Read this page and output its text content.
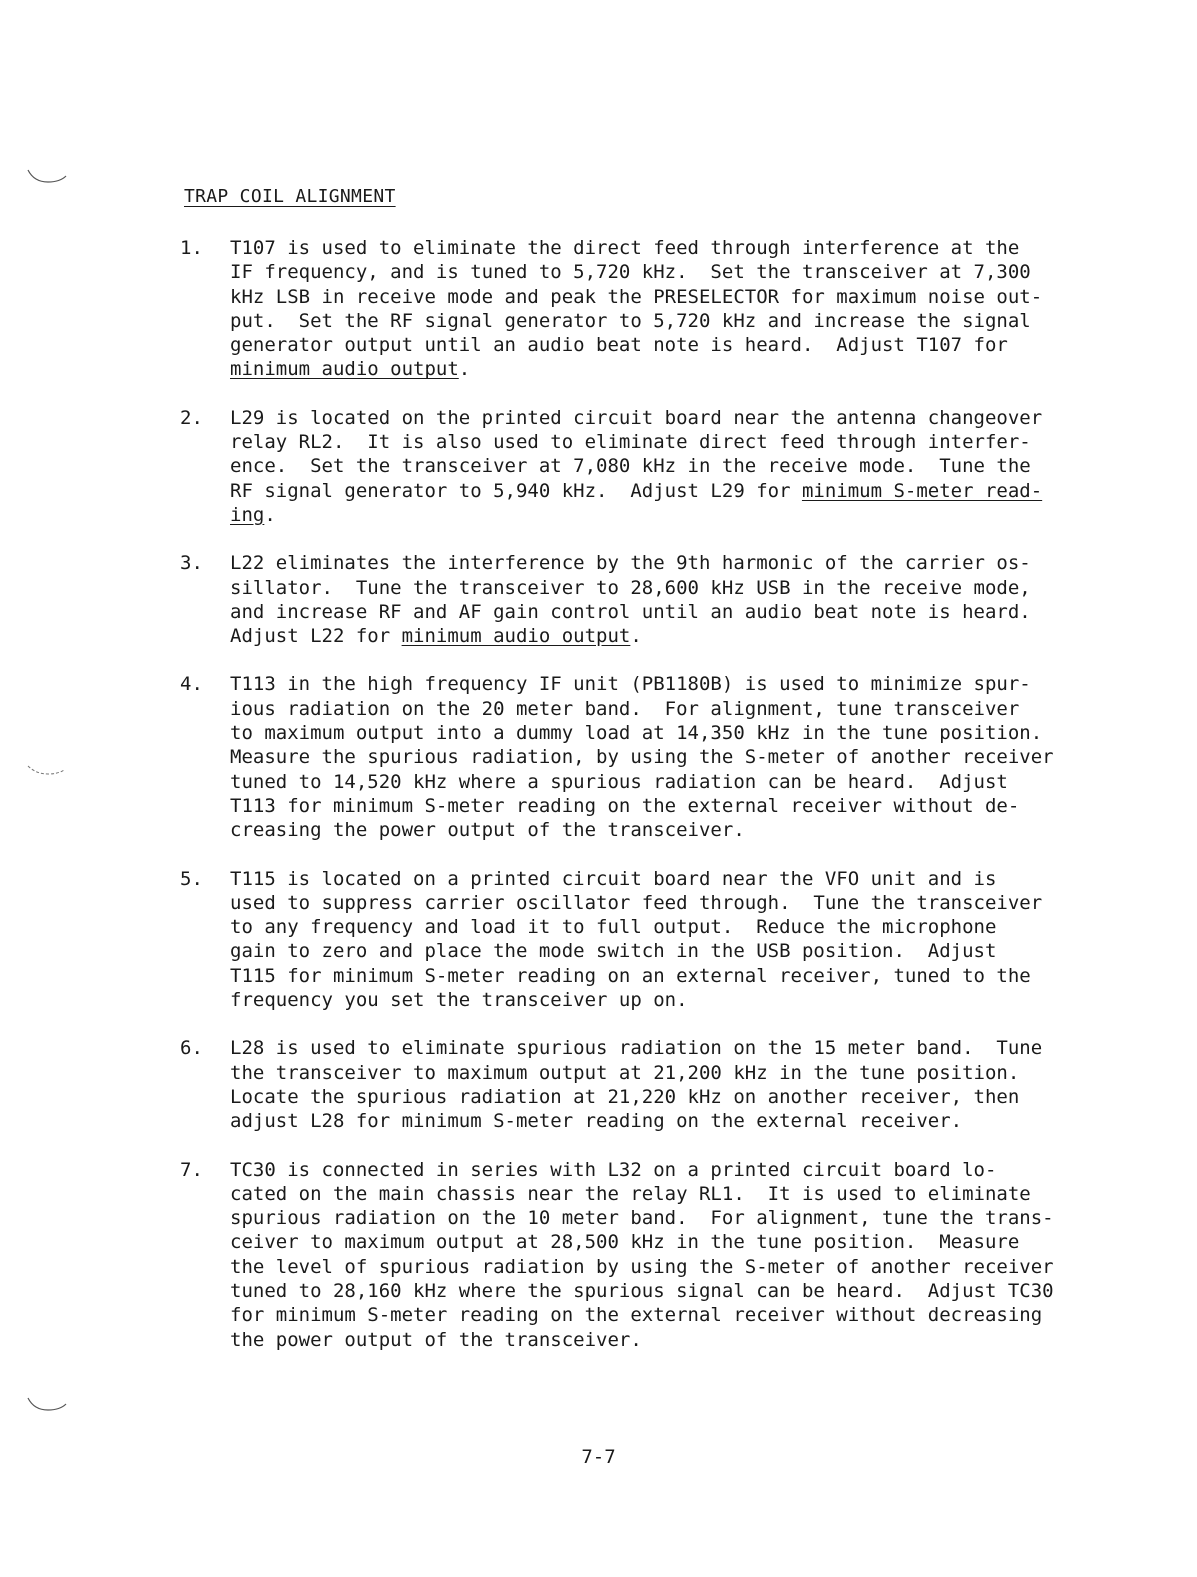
TRAP COIL ALIGNMENT
1. T107 is used to eliminate the direct feed through interference at the
IF frequency, and is tuned to 5,720 kHz.  Set the transceiver at 7,300
kHz LSB in receive mode and peak the PRESELECTOR for maximum noise out-
put.  Set the RF signal generator to 5,720 kHz and increase the signal
generator output until an audio beat note is heard.  Adjust T107 for
minimum audio output.
2. L29 is located on the printed circuit board near the antenna changeover
relay RL2.  It is also used to eliminate direct feed through interfer-
ence.  Set the transceiver at 7,080 kHz in the receive mode.  Tune the
RF signal generator to 5,940 kHz.  Adjust L29 for minimum S-meter read-
ing.
3. L22 eliminates the interference by the 9th harmonic of the carrier os-
sillator.  Tune the transceiver to 28,600 kHz USB in the receive mode,
and increase RF and AF gain control until an audio beat note is heard.
Adjust L22 for minimum audio output.
4. T113 in the high frequency IF unit (PB1180B) is used to minimize spur-
ious radiation on the 20 meter band.  For alignment, tune transceiver
to maximum output into a dummy load at 14,350 kHz in the tune position.
Measure the spurious radiation, by using the S-meter of another receiver
tuned to 14,520 kHz where a spurious radiation can be heard.  Adjust
T113 for minimum S-meter reading on the external receiver without de-
creasing the power output of the transceiver.
5. T115 is located on a printed circuit board near the VFO unit and is
used to suppress carrier oscillator feed through.  Tune the transceiver
to any frequency and load it to full output.  Reduce the microphone
gain to zero and place the mode switch in the USB position.  Adjust
T115 for minimum S-meter reading on an external receiver, tuned to the
frequency you set the transceiver up on.
6. L28 is used to eliminate spurious radiation on the 15 meter band.  Tune
the transceiver to maximum output at 21,200 kHz in the tune position.
Locate the spurious radiation at 21,220 kHz on another receiver, then
adjust L28 for minimum S-meter reading on the external receiver.
7. TC30 is connected in series with L32 on a printed circuit board lo-
cated on the main chassis near the relay RL1.  It is used to eliminate
spurious radiation on the 10 meter band.  For alignment, tune the trans-
ceiver to maximum output at 28,500 kHz in the tune position.  Measure
the level of spurious radiation by using the S-meter of another receiver
tuned to 28,160 kHz where the spurious signal can be heard.  Adjust TC30
for minimum S-meter reading on the external receiver without decreasing
the power output of the transceiver.
7-7
